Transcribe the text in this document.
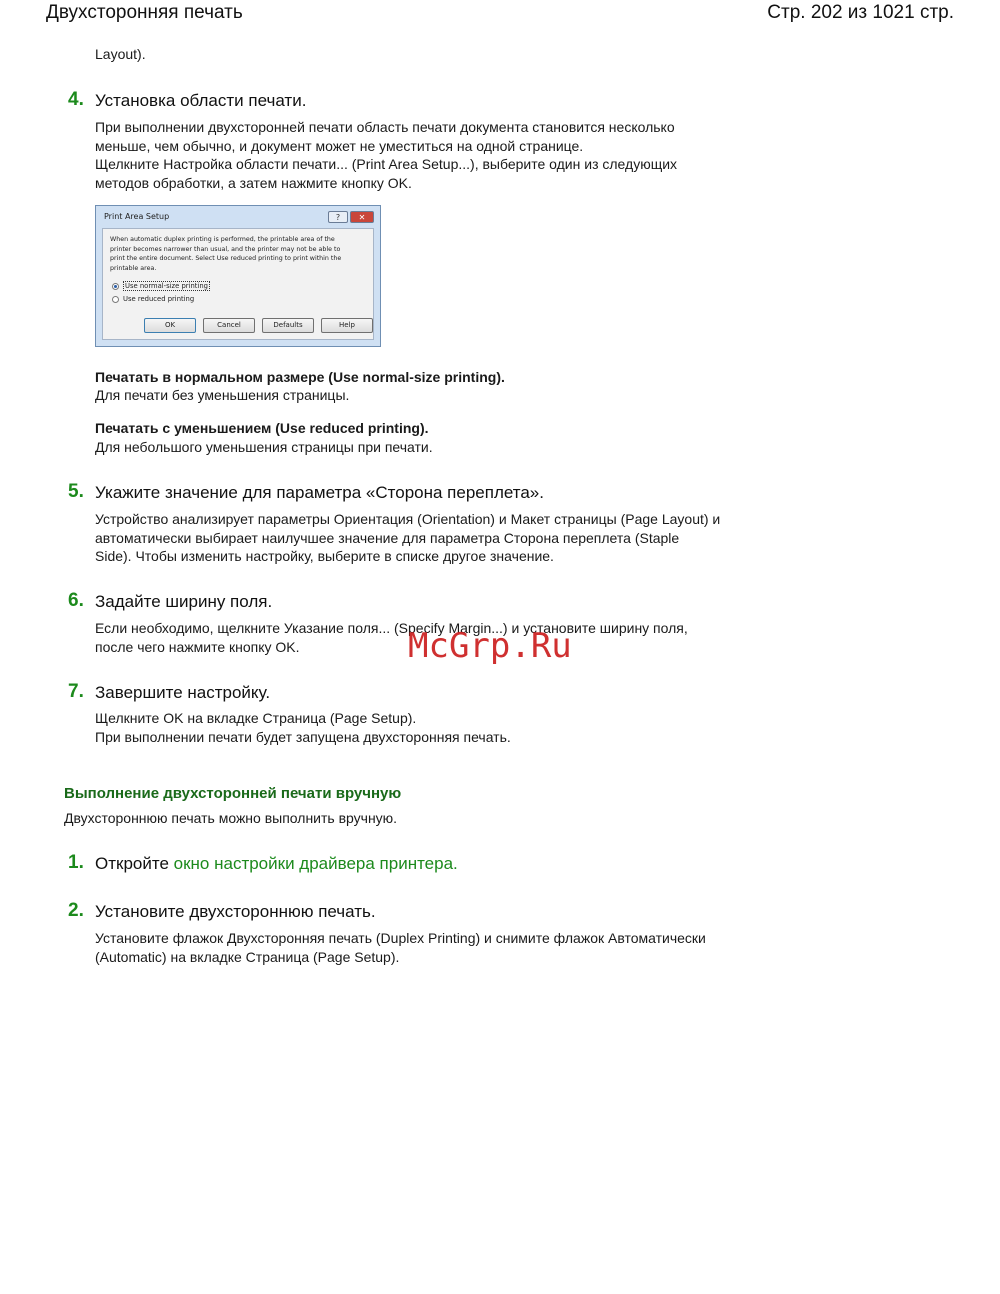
Двухсторонняя печать	Стр. 202 из 1021 стр.
Layout).
4. Установка области печати.
При выполнении двухсторонней печати область печати документа становится несколько
меньше, чем обычно, и документ может не уместиться на одной странице.
Щелкните Настройка области печати... (Print Area Setup...), выберите один из следующих
методов обработки, а затем нажмите кнопку OK.
Print Area Setup	?	✕
When automatic duplex printing is performed, the printable area of the
printer becomes narrower than usual, and the printer may not be able to
print the entire document. Select Use reduced printing to print within the
printable area.
Use normal-size printing
Use reduced printing
OK	Cancel	Defaults	Help
Печатать в нормальном размере (Use normal-size printing).
Для печати без уменьшения страницы.
Печатать с уменьшением (Use reduced printing).
Для небольшого уменьшения страницы при печати.
5. Укажите значение для параметра «Сторона переплета».
Устройство анализирует параметры Ориентация (Orientation) и Макет страницы (Page Layout) и
автоматически выбирает наилучшее значение для параметра Сторона переплета (Staple
Side). Чтобы изменить настройку, выберите в списке другое значение.
6. Задайте ширину поля.
Если необходимо, щелкните Указание поля... (Specify Margin...) и установите ширину поля,
после чего нажмите кнопку OK.
7. Завершите настройку.
Щелкните OK на вкладке Страница (Page Setup).
При выполнении печати будет запущена двухсторонняя печать.
Выполнение двухсторонней печати вручную
Двухстороннюю печать можно выполнить вручную.
1. Откройте окно настройки драйвера принтера.
2. Установите двухстороннюю печать.
Установите флажок Двухсторонняя печать (Duplex Printing) и снимите флажок Автоматически
(Automatic) на вкладке Страница (Page Setup).
McGrp.Ru
